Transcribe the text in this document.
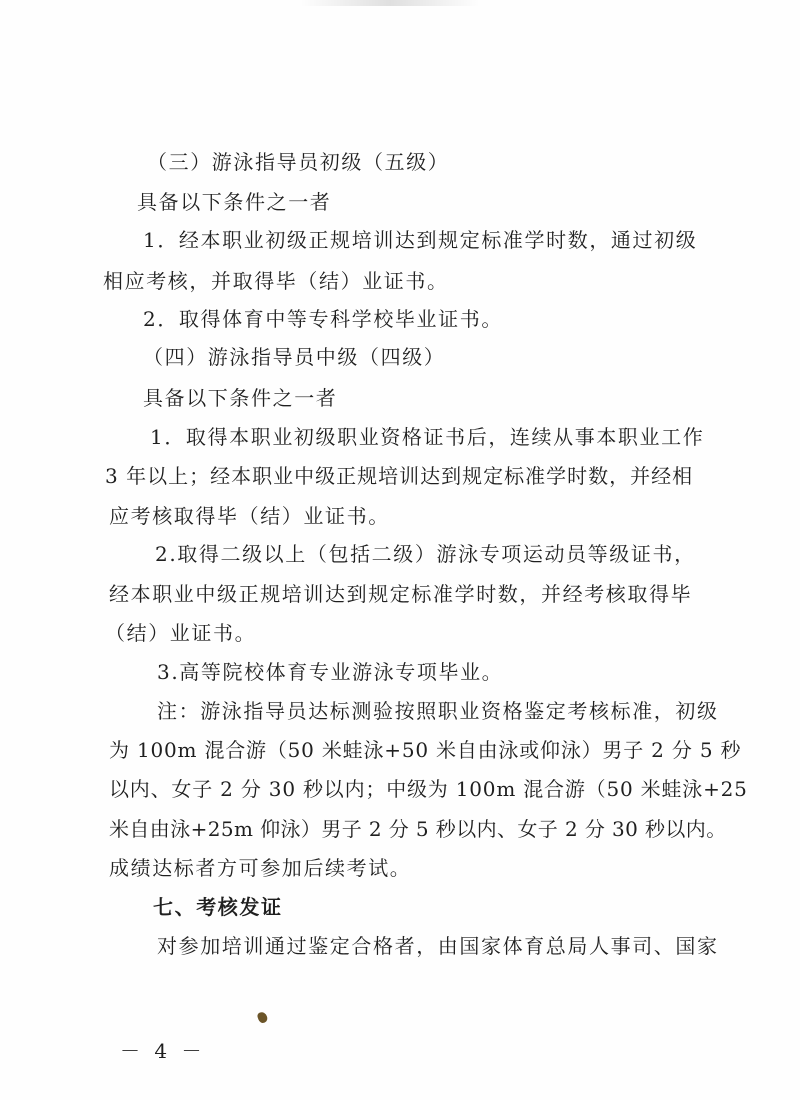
（三）游泳指导员初级（五级）
具备以下条件之一者
1．经本职业初级正规培训达到规定标准学时数，通过初级
相应考核，并取得毕（结）业证书。
2．取得体育中等专科学校毕业证书。
（四）游泳指导员中级（四级）
具备以下条件之一者
1．取得本职业初级职业资格证书后，连续从事本职业工作
3 年以上；经本职业中级正规培训达到规定标准学时数，并经相
应考核取得毕（结）业证书。
2.取得二级以上（包括二级）游泳专项运动员等级证书，
经本职业中级正规培训达到规定标准学时数，并经考核取得毕
（结）业证书。
3.高等院校体育专业游泳专项毕业。
注：游泳指导员达标测验按照职业资格鉴定考核标准，初级
为 100m 混合游（50 米蛙泳+50 米自由泳或仰泳）男子 2 分 5 秒
以内、女子 2 分 30 秒以内；中级为 100m 混合游（50 米蛙泳+25
米自由泳+25m 仰泳）男子 2 分 5 秒以内、女子 2 分 30 秒以内。
成绩达标者方可参加后续考试。
七、考核发证
对参加培训通过鉴定合格者，由国家体育总局人事司、国家
－ 4 －
